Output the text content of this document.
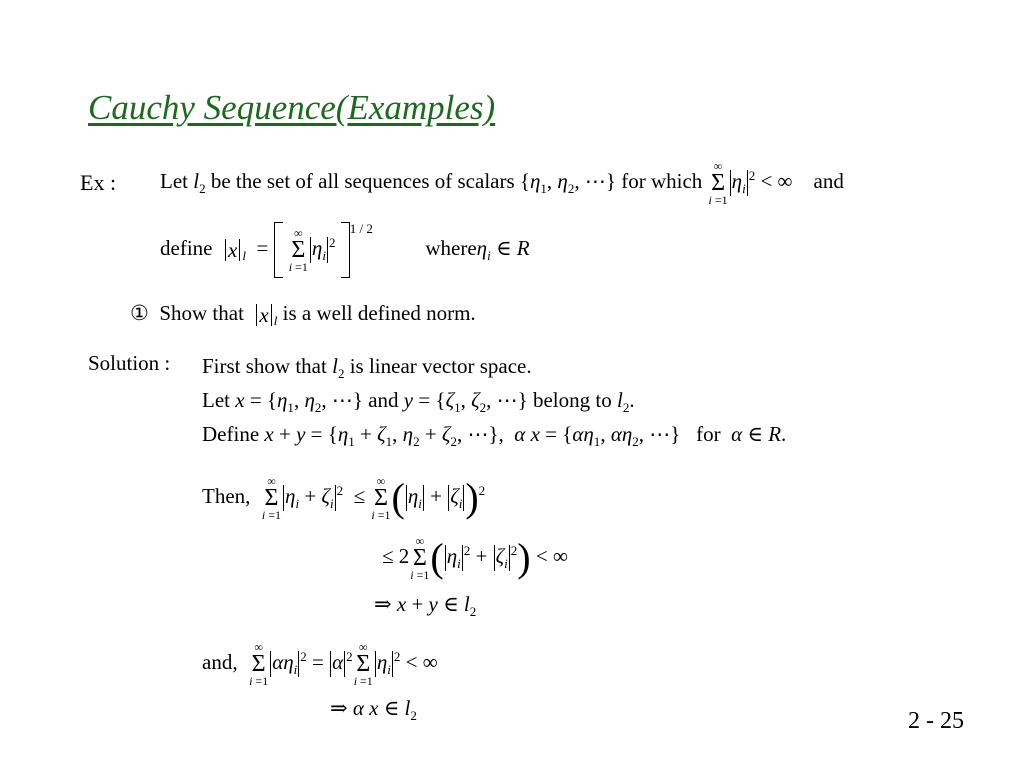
Cauchy Sequence(Examples)
Ex : Let $l_2$ be the set of all sequences of scalars {$\eta_1$, $\eta_2$, ⋯} for which
∞
Σ
i =1
$\eta_i^2$ < ∞    and
define x $_l$  =
∞
Σ
i =1
$\eta_i^2$ $^{1 / 2}$          whereη$_i$ ∈ R
① Show that x $_l$ is a well defined norm.
Solution : First show that $l_2$ is linear vector space.
Let $x = \{\eta_1$, $\eta_2$, ⋯} and $y = \{\zeta_1$, $\zeta_2$, ⋯} belong to $l_2$.
Define $x + y = \{\eta_1 + \zeta_1$, $\eta_2 + \zeta_2$, ⋯},  α $x = \{\alpha\eta_1$, $\alpha\eta_2$, ⋯}   for α ∈ R.
Then,
∞
Σ
i =1
$\eta_i + \zeta_i^2$  ≤
∞
Σ
i =1 ( $\eta_i + \zeta_i)^2$
≤ 2
∞
Σ
i =1 ( $\eta_i^2 + \zeta_i^2$) < ∞
⇒ x + y ∈ $l_2$
and,
∞
Σ
i =1
$\alpha\eta_i^2 = \alpha$ $^2$
∞
Σ
i =1
$\eta_i^2$ < ∞
⇒ α x ∈ $l_2$	2 - 25
